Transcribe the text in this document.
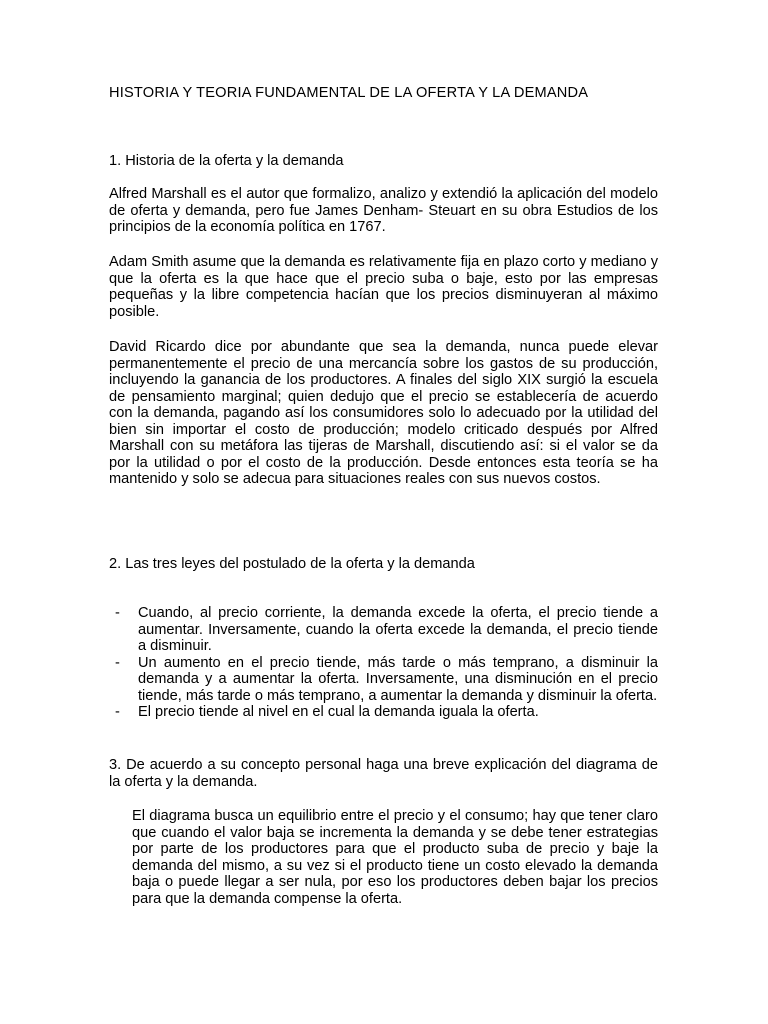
HISTORIA Y TEORIA FUNDAMENTAL DE LA OFERTA Y LA DEMANDA
1. Historia de la oferta y la demanda

Alfred Marshall es el autor que formalizo, analizo y extendió la aplicación del modelo de oferta y demanda, pero fue James Denham- Steuart en su obra Estudios de los principios de la economía política en 1767.

Adam Smith asume que la demanda es relativamente fija en plazo corto y mediano y que la oferta es la que hace que el precio suba o baje, esto por las empresas pequeñas y la libre competencia hacían que los precios disminuyeran al máximo posible.

David Ricardo dice por abundante que sea la demanda, nunca puede elevar permanentemente el precio de una mercancía sobre los gastos de su producción, incluyendo la ganancia de los productores. A finales del siglo XIX surgió la escuela de pensamiento marginal; quien dedujo que el precio se establecería de acuerdo con la demanda, pagando así los consumidores solo lo adecuado por la utilidad del bien sin importar el costo de producción; modelo criticado después por Alfred Marshall con su metáfora las tijeras de Marshall, discutiendo así: si el valor se da por la utilidad o por el costo de la producción. Desde entonces esta teoría se ha mantenido y solo se adecua para situaciones reales con sus nuevos costos.

2. Las tres leyes del postulado de la oferta y la demanda
- Cuando, al precio corriente, la demanda excede la oferta, el precio tiende a aumentar. Inversamente, cuando la oferta excede la demanda, el precio tiende a disminuir.
- Un aumento en el precio tiende, más tarde o más temprano, a disminuir la demanda y a aumentar la oferta. Inversamente, una disminución en el precio tiende, más tarde o más temprano, a aumentar la demanda y disminuir la oferta.
- El precio tiende al nivel en el cual la demanda iguala la oferta.

3. De acuerdo a su concepto personal haga una breve explicación del diagrama de la oferta y la demanda.

El diagrama busca un equilibrio entre el precio y el consumo; hay que tener claro que cuando el valor baja se incrementa la demanda y se debe tener estrategias por parte de los productores para que el producto suba de precio y baje la demanda del mismo, a su vez si el producto tiene un costo elevado la demanda baja o puede llegar a ser nula, por eso los productores deben bajar los precios para que la demanda compense la oferta.
